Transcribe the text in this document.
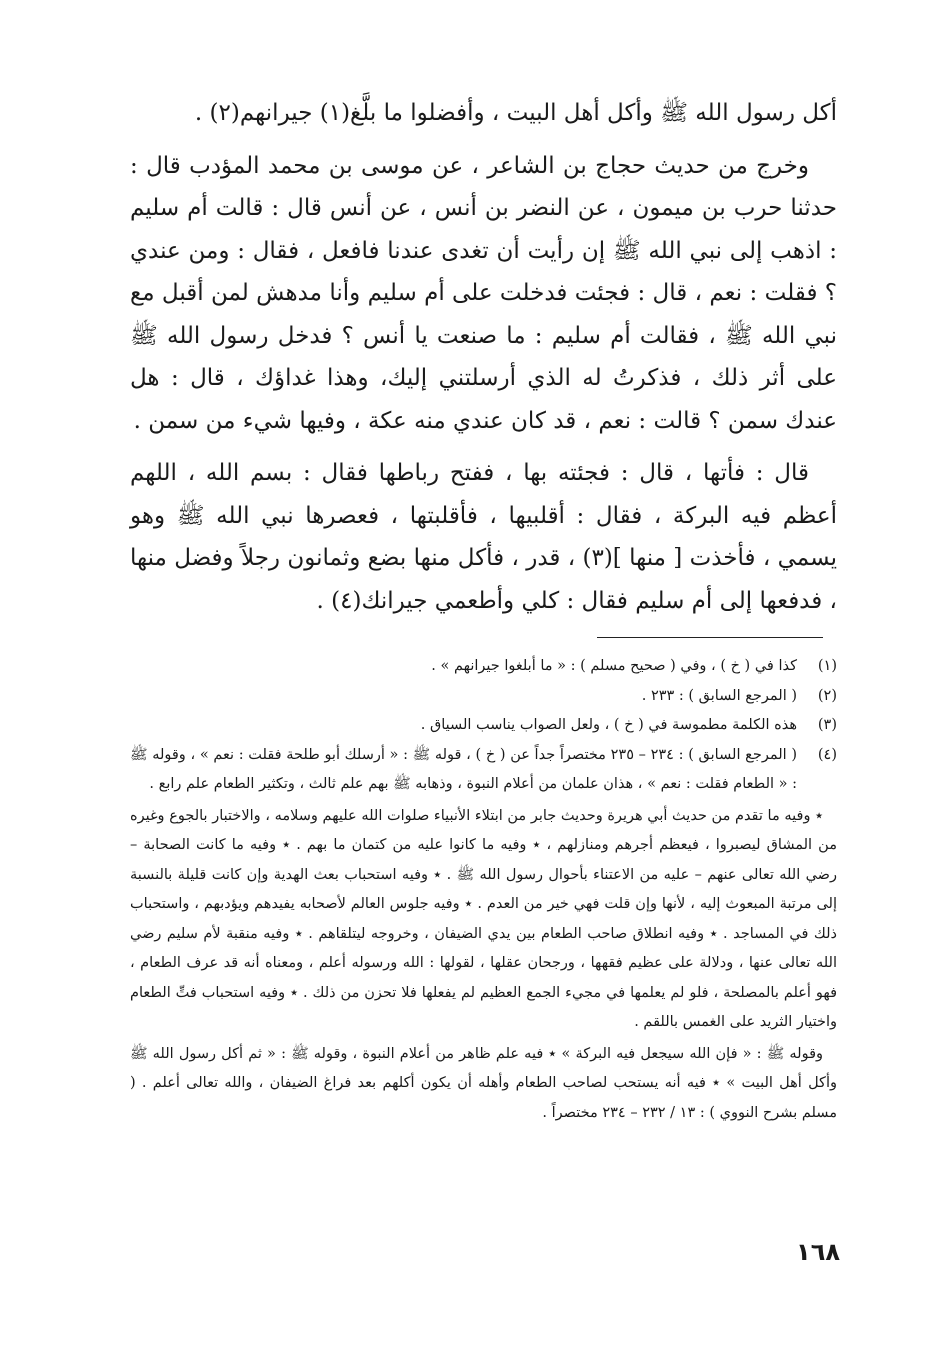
أكل رسول الله ﷺ وأكل أهل البيت ، وأفضلوا ما بلَّغ(١) جيرانهم(٢) .

وخرج من حديث حجاج بن الشاعر ، عن موسى بن محمد المؤدب قال : حدثنا حرب بن ميمون ، عن النضر بن أنس ، عن أنس قال : قالت أم سليم : اذهب إلى نبي الله ﷺ إن رأيت أن تغدى عندنا فافعل ، فقال : ومن عندي ؟ فقلت : نعم ، قال : فجئت فدخلت على أم سليم وأنا مدهش لمن أقبل مع نبي الله ﷺ ، فقالت أم سليم : ما صنعت يا أنس ؟ فدخل رسول الله ﷺ على أثر ذلك ، فذكرتُ له الذي أرسلتني إليك، وهذا غداؤك ، قال : هل عندك سمن ؟ قالت : نعم ، قد كان عندي منه عكة ، وفيها شيء من سمن .

قال : فأتها ، قال : فجئته بها ، ففتح رباطها فقال : بسم الله ، اللهم أعظم فيه البركة ، فقال : أقلبيها ، فأقلبتها ، فعصرها نبي الله ﷺ وهو يسمي ، فأخذت [ منها ](٣) ، قدر ، فأكل منها بضع وثمانون رجلاً وفضل منها ، فدفعها إلى أم سليم فقال : كلي وأطعمي جيرانك(٤) .

(١)
كذا في ( خ ) ، وفي ( صحيح مسلم ) : « ما أبلغوا جيرانهم » .
(٢)
( المرجع السابق ) : ٢٣٣ .
(٣)
هذه الكلمة مطموسة في ( خ ) ، ولعل الصواب يناسب السياق .
(٤)
( المرجع السابق ) : ٢٣٤ – ٢٣٥ مختصراً جداً عن ( خ ) ، قوله ﷺ : « أرسلك أبو طلحة فقلت : نعم » ، وقوله ﷺ : « الطعام فقلت : نعم » ، هذان علمان من أعلام النبوة ، وذهابه ﷺ بهم علم ثالث ، وتكثير الطعام علم رابع .

٭ وفيه ما تقدم من حديث أبي هريرة وحديث جابر من ابتلاء الأنبياء صلوات الله عليهم وسلامه ، والاختبار بالجوع وغيره من المشاق ليصبروا ، فيعظم أجرهم ومنازلهم ، ٭ وفيه ما كانوا عليه من كتمان ما بهم . ٭ وفيه ما كانت الصحابة – رضي الله تعالى عنهم – عليه من الاعتناء بأحوال رسول الله ﷺ . ٭ وفيه استحباب بعث الهدية وإن كانت قليلة بالنسبة إلى مرتبة المبعوث إليه ، لأنها وإن قلت فهي خير من العدم . ٭ وفيه جلوس العالم لأصحابه يفيدهم ويؤدبهم ، واستحباب ذلك في المساجد . ٭ وفيه انطلاق صاحب الطعام بين يدي الضيفان ، وخروجه ليتلقاهم . ٭ وفيه منقبة لأم سليم رضي الله تعالى عنها ، ودلالة على عظيم فقهها ، ورجحان عقلها ، لقولها : الله ورسوله أعلم ، ومعناه أنه قد عرف الطعام ، فهو أعلم بالمصلحة ، فلو لم يعلمها في مجيء الجمع العظيم لم يفعلها فلا تحزن من ذلك . ٭ وفيه استحباب فتِّ الطعام واختيار الثريد على الغمس باللقم .

وقوله ﷺ : « فإن الله سيجعل فيه البركة » ٭ فيه علم ظاهر من أعلام النبوة ، وقوله ﷺ : « ثم أكل رسول الله ﷺ وأكل أهل البيت » ٭ فيه أنه يستحب لصاحب الطعام وأهله أن يكون أكلهم بعد فراغ الضيفان ، والله تعالى أعلم . ( مسلم بشرح النووي ) : ١٣ / ٢٣٢ – ٢٣٤ مختصراً .

١٦٨
